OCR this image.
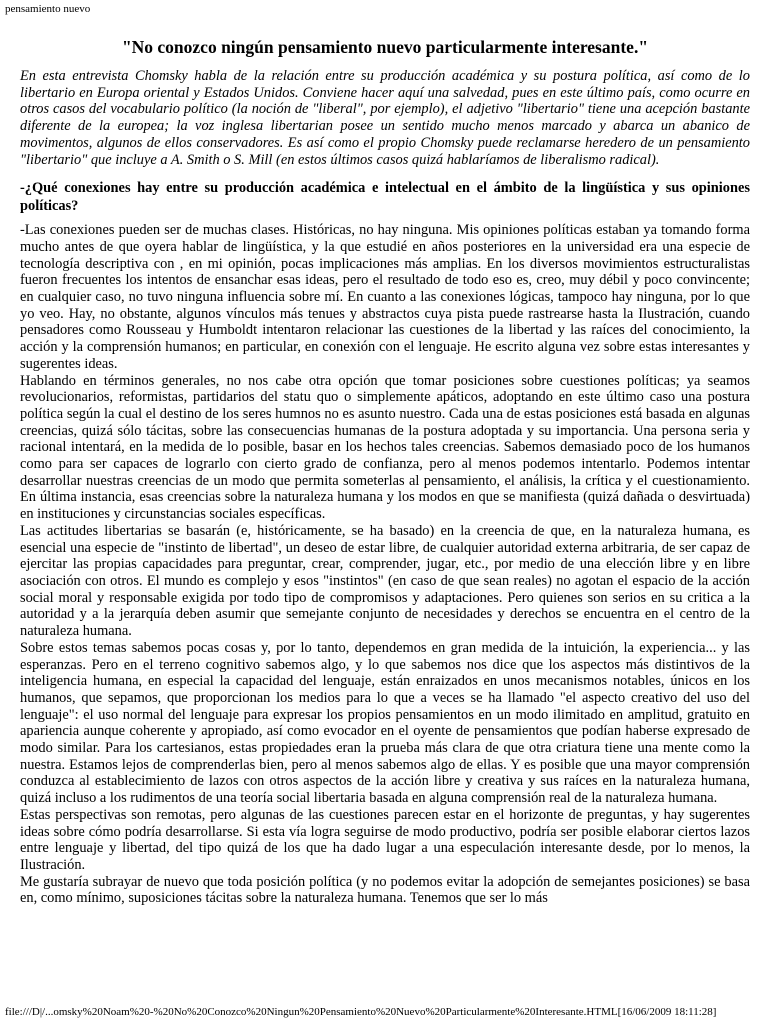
pensamiento nuevo

"No conozco ningún pensamiento nuevo particularmente interesante."

En esta entrevista Chomsky habla de la relación entre su producción académica y su postura política, así como de lo libertario en Europa oriental y Estados Unidos. Conviene hacer aquí una salvedad, pues en este último país, como ocurre en otros casos del vocabulario político (la noción de "liberal", por ejemplo), el adjetivo "libertario" tiene una acepción bastante diferente de la europea; la voz inglesa libertarian posee un sentido mucho menos marcado y abarca un abanico de movimentos, algunos de ellos conservadores. Es así como el propio Chomsky puede reclamarse heredero de un pensamiento "libertario" que incluye a A. Smith o S. Mill (en estos últimos casos quizá hablaríamos de liberalismo radical).

-¿Qué conexiones hay entre su producción académica e intelectual en el ámbito de la lingüística y sus opiniones políticas?

-Las conexiones pueden ser de muchas clases. Históricas, no hay ninguna. Mis opiniones políticas estaban ya tomando forma mucho antes de que oyera hablar de lingüística, y la que estudié en años posteriores en la universidad era una especie de tecnología descriptiva con , en mi opinión, pocas implicaciones más amplias. En los diversos movimientos estructuralistas fueron frecuentes los intentos de ensanchar esas ideas, pero el resultado de todo eso es, creo, muy débil y poco convincente; en cualquier caso, no tuvo ninguna influencia sobre mí. En cuanto a las conexiones lógicas, tampoco hay ninguna, por lo que yo veo. Hay, no obstante, algunos vínculos más tenues y abstractos cuya pista puede rastrearse hasta la Ilustración, cuando pensadores como Rousseau y Humboldt intentaron relacionar las cuestiones de la libertad y las raíces del conocimiento, la acción y la comprensión humanos; en particular, en conexión con el lenguaje. He escrito alguna vez sobre estas interesantes y sugerentes ideas.

Hablando en términos generales, no nos cabe otra opción que tomar posiciones sobre cuestiones políticas; ya seamos revolucionarios, reformistas, partidarios del statu quo o simplemente apáticos, adoptando en este último caso una postura política según la cual el destino de los seres humnos no es asunto nuestro. Cada una de estas posiciones está basada en algunas creencias, quizá sólo tácitas, sobre las consecuencias humanas de la postura adoptada y su importancia. Una persona seria y racional intentará, en la medida de lo posible, basar en los hechos tales creencias. Sabemos demasiado poco de los humanos como para ser capaces de lograrlo con cierto grado de confianza, pero al menos podemos intentarlo. Podemos intentar desarrollar nuestras creencias de un modo que permita someterlas al pensamiento, el análisis, la crítica y el cuestionamiento. En última instancia, esas creencias sobre la naturaleza humana y los modos en que se manifiesta (quizá dañada o desvirtuada) en instituciones y circunstancias sociales específicas.

Las actitudes libertarias se basarán (e, históricamente, se ha basado) en la creencia de que, en la naturaleza humana, es esencial una especie de "instinto de libertad", un deseo de estar libre, de cualquier autoridad externa arbitraria, de ser capaz de ejercitar las propias capacidades para preguntar, crear, comprender, jugar, etc., por medio de una elección libre y en libre asociación con otros. El mundo es complejo y esos "instintos" (en caso de que sean reales) no agotan el espacio de la acción social moral y responsable exigida por todo tipo de compromisos y adaptaciones. Pero quienes son serios en su critica a la autoridad y a la jerarquía deben asumir que semejante conjunto de necesidades y derechos se encuentra en el centro de la naturaleza humana.

Sobre estos temas sabemos pocas cosas y, por lo tanto, dependemos en gran medida de la intuición, la experiencia... y las esperanzas. Pero en el terreno cognitivo sabemos algo, y lo que sabemos nos dice que los aspectos más distintivos de la inteligencia humana, en especial la capacidad del lenguaje, están enraizados en unos mecanismos notables, únicos en los humanos, que sepamos, que proporcionan los medios para lo que a veces se ha llamado "el aspecto creativo del uso del lenguaje": el uso normal del lenguaje para expresar los propios pensamientos en un modo ilimitado en amplitud, gratuito en apariencia aunque coherente y apropiado, así como evocador en el oyente de pensamientos que podían haberse expresado de modo similar. Para los cartesianos, estas propiedades eran la prueba más clara de que otra criatura tiene una mente como la nuestra. Estamos lejos de comprenderlas bien, pero al menos sabemos algo de ellas. Y es posible que una mayor comprensión conduzca al establecimiento de lazos con otros aspectos de la acción libre y creativa y sus raíces en la naturaleza humana, quizá incluso a los rudimentos de una teoría social libertaria basada en alguna comprensión real de la naturaleza humana.

Estas perspectivas son remotas, pero algunas de las cuestiones parecen estar en el horizonte de preguntas, y hay sugerentes ideas sobre cómo podría desarrollarse. Si esta vía logra seguirse de modo productivo, podría ser posible elaborar ciertos lazos entre lenguaje y libertad, del tipo quizá de los que ha dado lugar a una especulación interesante desde, por lo menos, la Ilustración.

Me gustaría subrayar de nuevo que toda posición política (y no podemos evitar la adopción de semejantes posiciones) se basa en, como mínimo, suposiciones tácitas sobre la naturaleza humana. Tenemos que ser lo más

file:///D|/...omsky%20Noam%20-%20No%20Conozco%20Ningun%20Pensamiento%20Nuevo%20Particularmente%20Interesante.HTML[16/06/2009 18:11:28]
